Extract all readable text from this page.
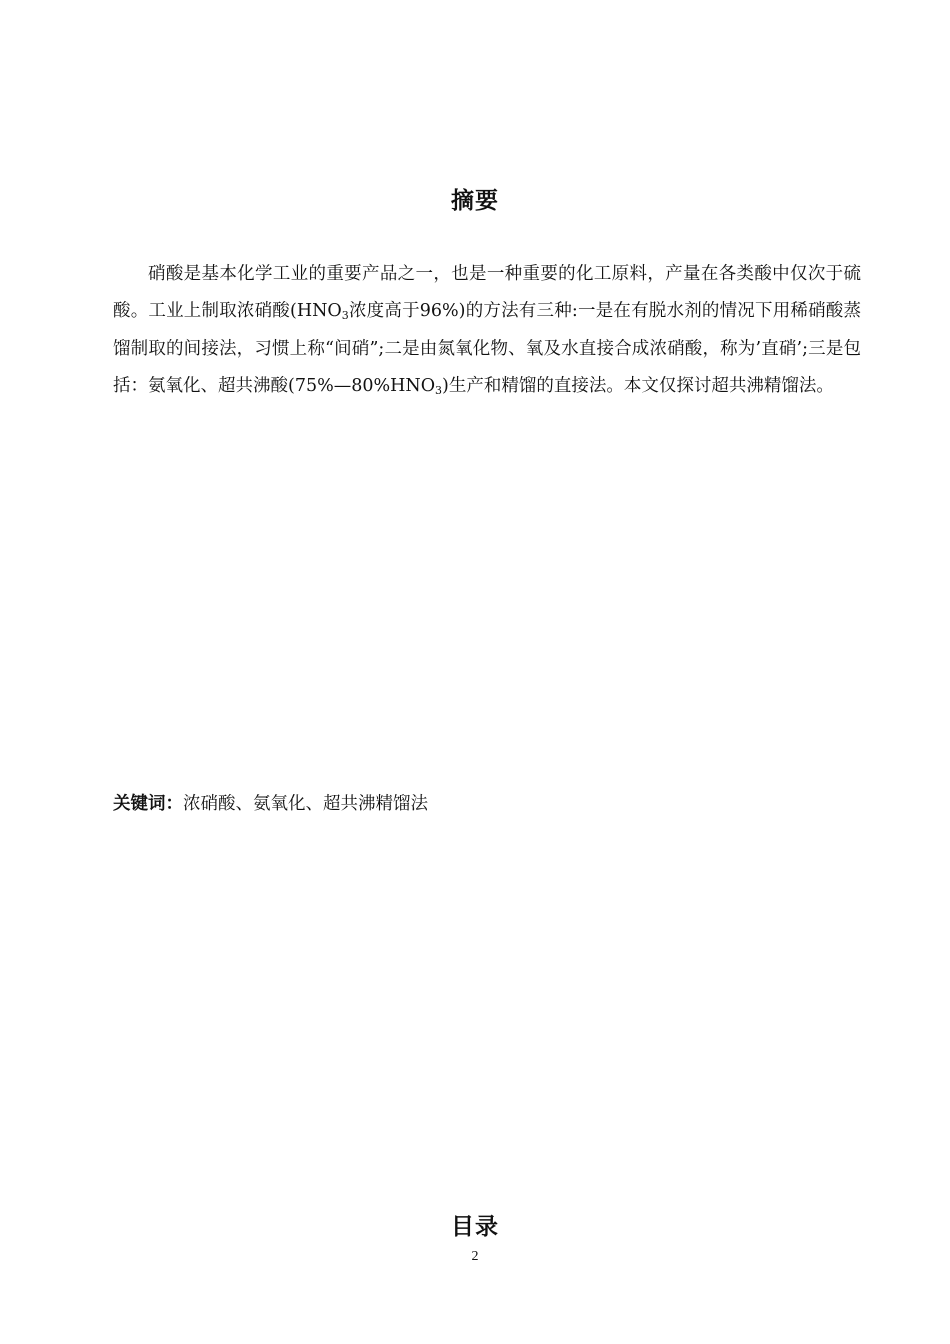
摘要

硝酸是基本化学工业的重要产品之一，也是一种重要的化工原料，产量在各类酸中仅次于硫酸。工业上制取浓硝酸($HNO_3$浓度高于96%)的方法有三种:一是在有脱水剂的情况下用稀硝酸蒸馏制取的间接法，习惯上称“间硝”;二是由氮氧化物、氧及水直接合成浓硝酸，称为’直硝’;三是包括：氨氧化、超共沸酸$(75\%—80\%HNO_3)$生产和精馏的直接法。本文仅探讨超共沸精馏法。

关键词：浓硝酸、氨氧化、超共沸精馏法

目录
2
